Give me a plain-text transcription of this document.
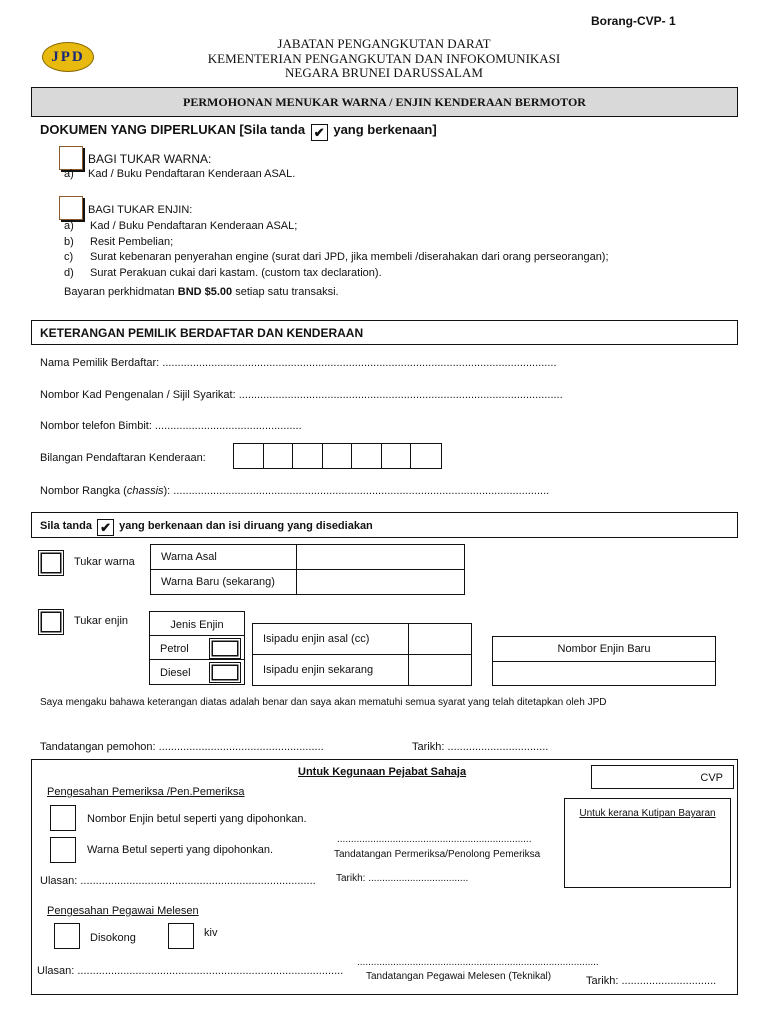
Borang-CVP- 1
JPD
JABATAN PENGANGKUTAN DARAT
KEMENTERIAN PENGANGKUTAN DAN INFOKOMUNIKASI
NEGARA BRUNEI DARUSSALAM
PERMOHONAN MENUKAR WARNA / ENJIN KENDERAAN BERMOTOR
DOKUMEN YANG DIPERLUKAN [Sila tanda ✔ yang berkenaan]
BAGI TUKAR WARNA:
a) Kad / Buku Pendaftaran Kenderaan ASAL.
BAGI TUKAR ENJIN:
a) Kad / Buku Pendaftaran Kenderaan ASAL;
b) Resit Pembelian;
c) Surat kebenaran penyerahan engine (surat dari JPD, jika membeli /diserahakan dari orang perseorangan);
d) Surat Perakuan cukai dari kastam. (custom tax declaration).
Bayaran perkhidmatan BND $5.00 setiap satu transaksi.
KETERANGAN PEMILIK BERDAFTAR DAN KENDERAAN
Nama Pemilik Berdaftar: .................................................................................................................................
Nombor Kad Pengenalan / Sijil Syarikat: ..........................................................................................................
Nombor telefon Bimbit: ................................................
Bilangan Pendaftaran Kenderaan:
Nombor Rangka (chassis): ...........................................................................................................................
Sila tanda ✔ yang berkenaan dan isi diruang yang disediakan
Tukar warna Warna Asal	
Warna Baru (sekarang)	
Tukar enjin	Jenis Enjin
Petrol
Diesel
Isipadu enjin asal (cc)	
Isipadu enjin sekarang	
Nombor Enjin Baru

Saya mengaku bahawa keterangan diatas adalah benar dan saya akan mematuhi semua syarat yang telah ditetapkan oleh JPD
Tandatangan pemohon: ......................................................	Tarikh: .................................
Untuk Kegunaan Pejabat Sahaja	CVP
Pengesahan Pemeriksa /Pen.Pemeriksa
Nombor Enjin betul seperti yang dipohonkan.
Warna Betul seperti yang dipohonkan.
......................................................................
Tandatangan Permeriksa/Penolong Pemeriksa
Ulasan: ............................................................................. Tarikh: ....................................
Untuk kerana Kutipan Bayaran
Pengesahan Pegawai Melesen
Disokong	kiv
.......................................................................................
Ulasan: ....................................................................................... Tandatangan Pegawai Melesen (Teknikal)	Tarikh: ...............................
